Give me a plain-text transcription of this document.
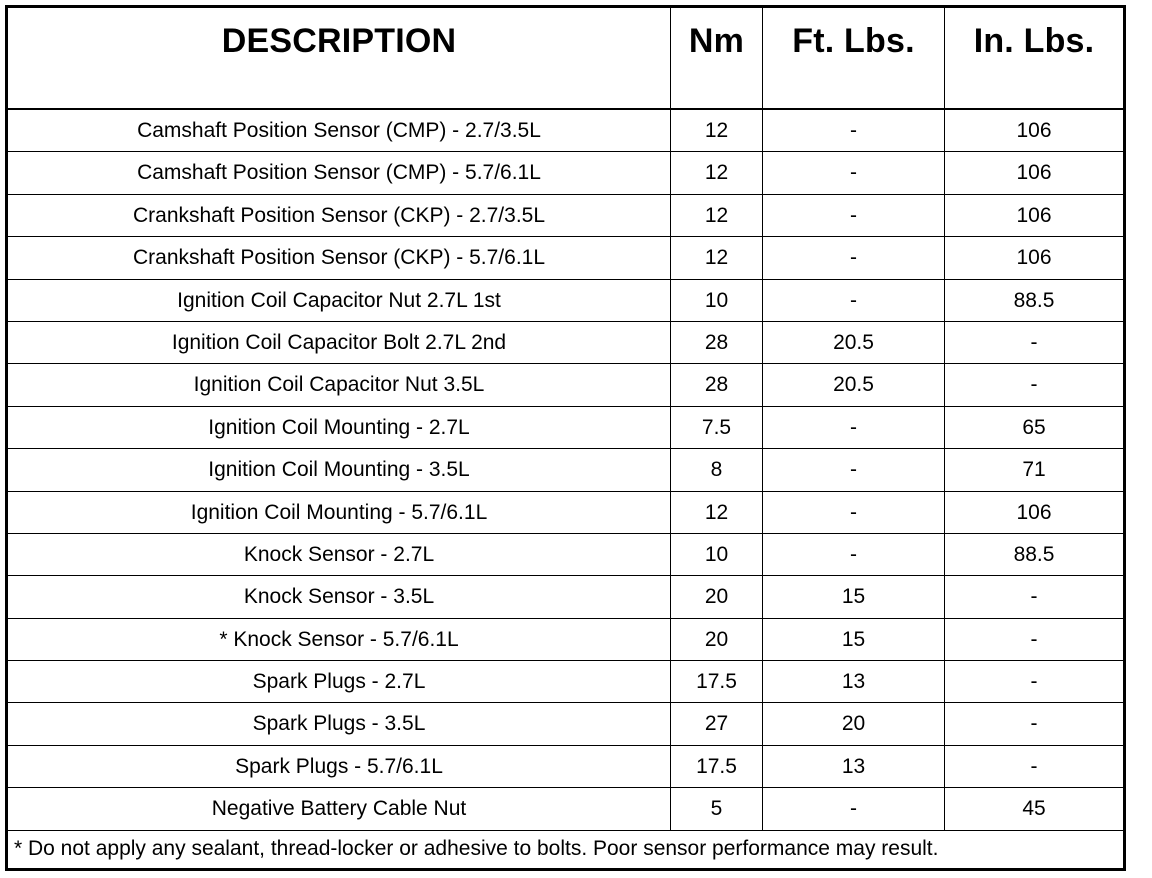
DESCRIPTION	Nm	Ft. Lbs.	In. Lbs.
Camshaft Position Sensor (CMP) - 2.7/3.5L	12	-	106
Camshaft Position Sensor (CMP) - 5.7/6.1L	12	-	106
Crankshaft Position Sensor (CKP) - 2.7/3.5L	12	-	106
Crankshaft Position Sensor (CKP) - 5.7/6.1L	12	-	106
Ignition Coil Capacitor Nut 2.7L 1st	10	-	88.5
Ignition Coil Capacitor Bolt 2.7L 2nd	28	20.5	-
Ignition Coil Capacitor Nut 3.5L	28	20.5	-
Ignition Coil Mounting - 2.7L	7.5	-	65
Ignition Coil Mounting - 3.5L	8	-	71
Ignition Coil Mounting - 5.7/6.1L	12	-	106
Knock Sensor - 2.7L	10	-	88.5
Knock Sensor - 3.5L	20	15	-
* Knock Sensor - 5.7/6.1L	20	15	-
Spark Plugs - 2.7L	17.5	13	-
Spark Plugs - 3.5L	27	20	-
Spark Plugs - 5.7/6.1L	17.5	13	-
Negative Battery Cable Nut	5	-	45
* Do not apply any sealant, thread-locker or adhesive to bolts. Poor sensor performance may result.
